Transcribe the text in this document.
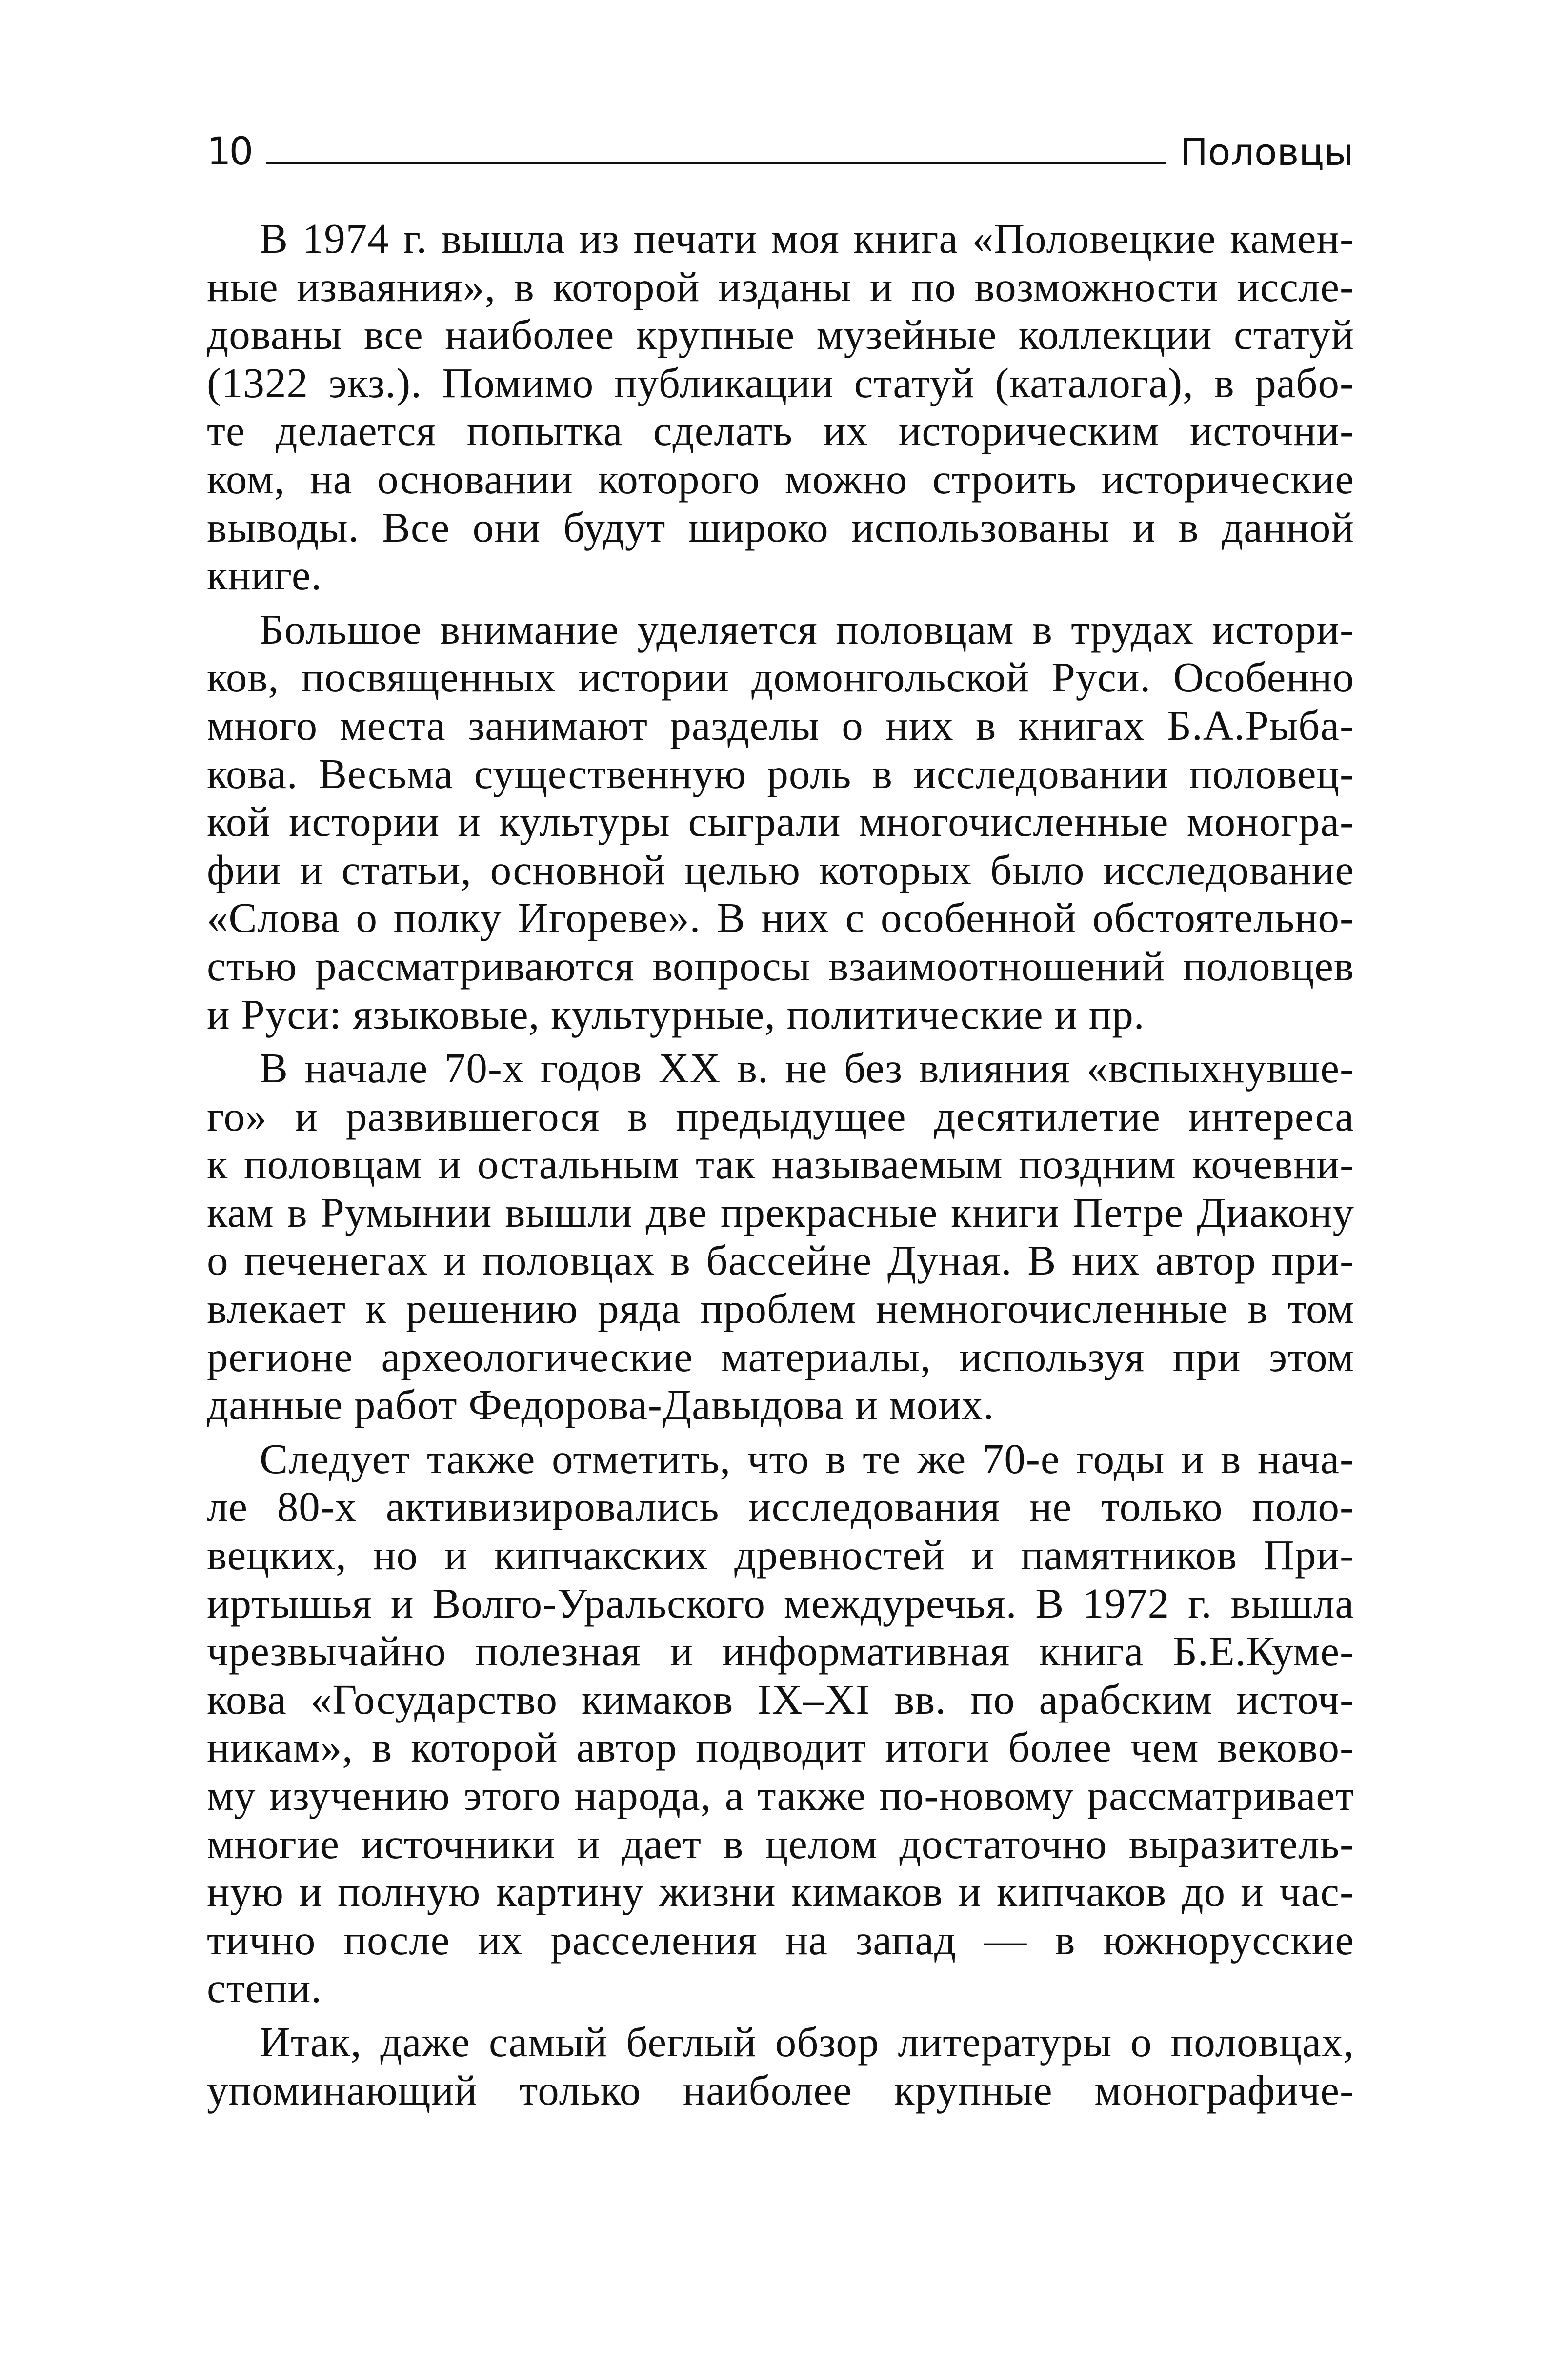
10	Половцы
В 1974 г. вышла из печати моя книга «Половецкие камен-
ные изваяния», в которой изданы и по возможности иссле-
дованы все наиболее крупные музейные коллекции статуй
(1322 экз.). Помимо публикации статуй (каталога), в рабо-
те делается попытка сделать их историческим источни-
ком, на основании которого можно строить исторические
выводы. Все они будут широко использованы и в данной
книге.
Большое внимание уделяется половцам в трудах истори-
ков, посвященных истории домонгольской Руси. Особенно
много места занимают разделы о них в книгах Б.А.Рыба-
кова. Весьма существенную роль в исследовании половец-
кой истории и культуры сыграли многочисленные моногра-
фии и статьи, основной целью которых было исследование
«Слова о полку Игореве». В них с особенной обстоятельно-
стью рассматриваются вопросы взаимоотношений половцев
и Руси: языковые, культурные, политические и пр.
В начале 70-х годов XX в. не без влияния «вспыхнувше-
го» и развившегося в предыдущее десятилетие интереса
к половцам и остальным так называемым поздним кочевни-
кам в Румынии вышли две прекрасные книги Петре Диакону
о печенегах и половцах в бассейне Дуная. В них автор при-
влекает к решению ряда проблем немногочисленные в том
регионе археологические материалы, используя при этом
данные работ Федорова-Давыдова и моих.
Следует также отметить, что в те же 70-е годы и в нача-
ле 80-х активизировались исследования не только поло-
вецких, но и кипчакских древностей и памятников При-
иртышья и Волго-Уральского междуречья. В 1972 г. вышла
чрезвычайно полезная и информативная книга Б.Е.Куме-
кова «Государство кимаков IX–XI вв. по арабским источ-
никам», в которой автор подводит итоги более чем веково-
му изучению этого народа, а также по-новому рассматривает
многие источники и дает в целом достаточно выразитель-
ную и полную картину жизни кимаков и кипчаков до и час-
тично после их расселения на запад — в южнорусские
степи.
Итак, даже самый беглый обзор литературы о половцах,
упоминающий только наиболее крупные монографиче-
